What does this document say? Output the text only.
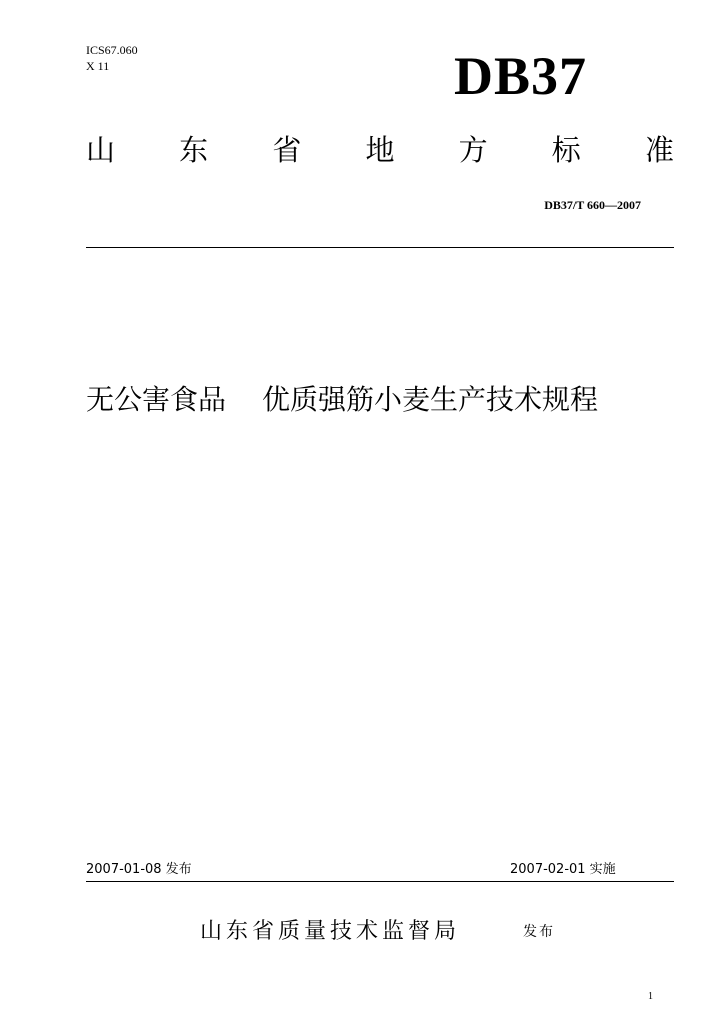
ICS67.060
X 11	DB37
山 东 省 地 方 标 准
DB37/T 660—2007
无公害食品 优质强筋小麦生产技术规程
2007-01-08 发布	2007-02-01 实施
山东省质量技术监督局	发布
1
